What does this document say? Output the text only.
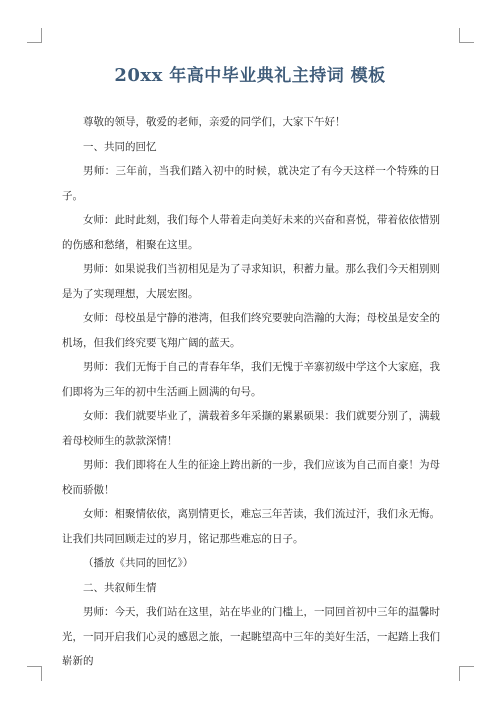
20xx 年高中毕业典礼主持词 模板

尊敬的领导，敬爱的老师，亲爱的同学们，大家下午好！

一、共同的回忆

男师：三年前，当我们踏入初中的时候，就决定了有今天这样一个特殊的日子。

女师：此时此刻，我们每个人带着走向美好未来的兴奋和喜悦，带着依依惜别的伤感和愁绪，相聚在这里。

男师：如果说我们当初相见是为了寻求知识，积蓄力量。那么我们今天相别则是为了实现理想，大展宏图。

女师：母校虽是宁静的港湾，但我们终究要驶向浩瀚的大海；母校虽是安全的机场，但我们终究要飞翔广阔的蓝天。

男师：我们无悔于自己的青春年华，我们无愧于辛寨初级中学这个大家庭，我们即将为三年的初中生活画上圆满的句号。

女师：我们就要毕业了，满载着多年采撷的累累硕果：我们就要分别了，满载着母校师生的款款深情！

男师：我们即将在人生的征途上跨出新的一步，我们应该为自己而自豪！为母校而骄傲！

女师：相聚情依依，离别情更长，难忘三年苦读，我们流过汗，我们永无悔。让我们共同回顾走过的岁月，铭记那些难忘的日子。

（播放《共同的回忆》）

二、共叙师生情

男师：今天，我们站在这里，站在毕业的门槛上，一同回首初中三年的温馨时光，一同开启我们心灵的感恩之旅，一起眺望高中三年的美好生活，一起踏上我们崭新的
